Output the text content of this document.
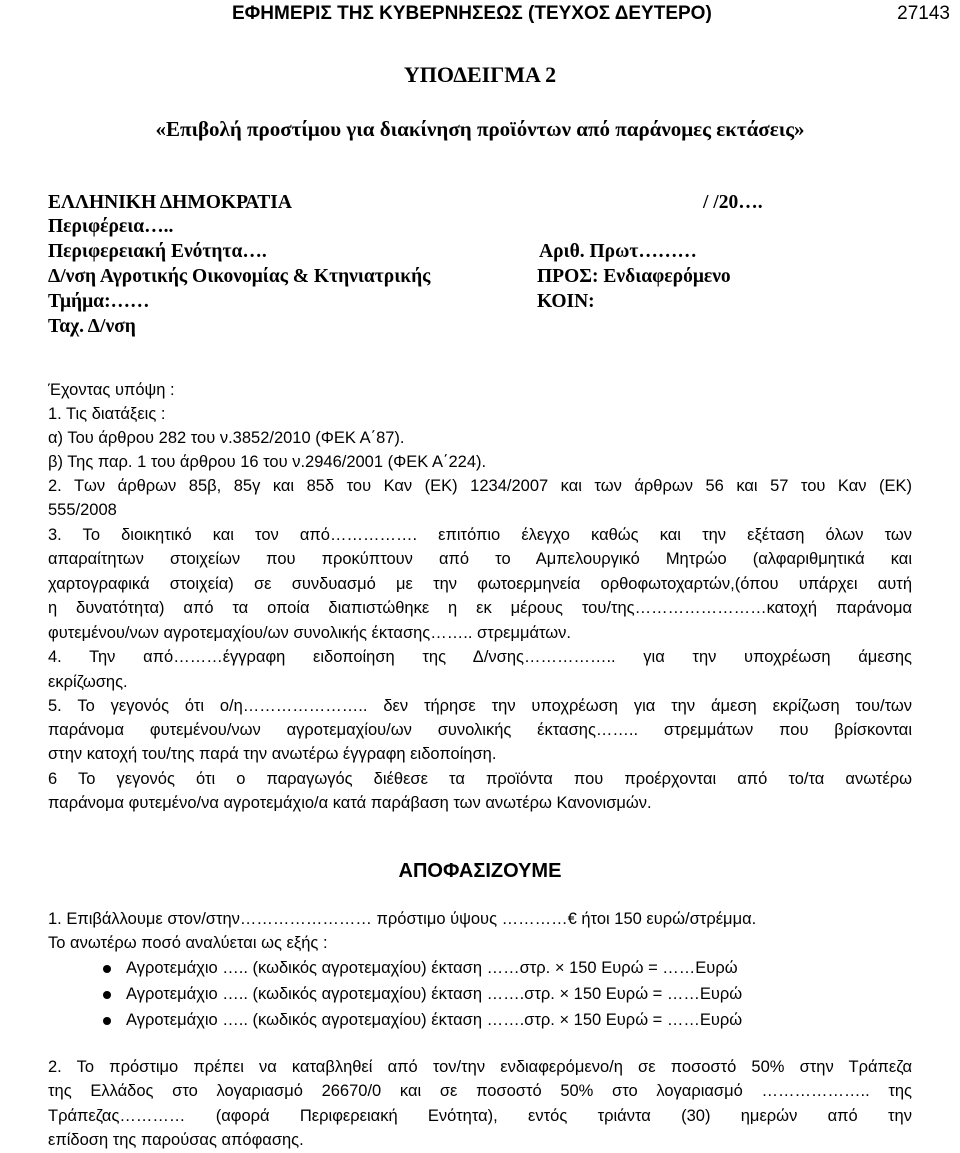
ΕΦΗΜΕΡΙΣ ΤΗΣ ΚΥΒΕΡΝΗΣΕΩΣ (ΤΕΥΧΟΣ ΔΕΥΤΕΡΟ)	27143
ΥΠΟΔΕΙΓΜΑ 2
«Επιβολή προστίμου για διακίνηση προϊόντων από παράνομες εκτάσεις»
ΕΛΛΗΝΙΚΗ ΔΗΜΟΚΡΑΤΙΑ
Περιφέρεια…..
Περιφερειακή Ενότητα….
Δ/νση Αγροτικής Οικονομίας & Κτηνιατρικής
Τμήμα:……
Ταχ. Δ/νση
/ /20….
Αριθ. Πρωτ………
ΠΡΟΣ: Ενδιαφερόμενο
ΚΟΙΝ:
Έχοντας υπόψη :
1. Τις διατάξεις :
α) Του άρθρου 282 του ν.3852/2010 (ΦΕΚ Α΄87).
β) Της παρ. 1 του άρθρου 16 του ν.2946/2001 (ΦΕΚ Α΄224).
2. Των άρθρων 85β, 85γ και 85δ του Καν (ΕΚ) 1234/2007 και των άρθρων 56 και 57 του Καν (ΕΚ)
555/2008
3. Το διοικητικό και τον από……………. επιτόπιο έλεγχο καθώς και την εξέταση όλων των
απαραίτητων στοιχείων που προκύπτουν από το Αμπελουργικό Μητρώο (αλφαριθμητικά και
χαρτογραφικά στοιχεία) σε συνδυασμό με την φωτοερμηνεία ορθοφωτοχαρτών,(όπου υπάρχει αυτή
η δυνατότητα) από τα οποία διαπιστώθηκε η εκ μέρους του/της……………………κατοχή παράνομα
φυτεμένου/νων αγροτεμαχίου/ων συνολικής έκτασης…….. στρεμμάτων.
4. Την από………έγγραφη ειδοποίηση της Δ/νσης…………….. για την υποχρέωση άμεσης
εκρίζωσης.
5. Το γεγονός ότι ο/η………………….. δεν τήρησε την υποχρέωση για την άμεση εκρίζωση του/των
παράνομα φυτεμένου/νων αγροτεμαχίου/ων συνολικής έκτασης…….. στρεμμάτων που βρίσκονται
στην κατοχή του/της παρά την ανωτέρω έγγραφη ειδοποίηση.
6 Το γεγονός ότι ο παραγωγός διέθεσε τα προϊόντα που προέρχονται από το/τα ανωτέρω
παράνομα φυτεμένο/να αγροτεμάχιο/α κατά παράβαση των ανωτέρω Κανονισμών.
ΑΠΟΦΑΣΙΖΟΥΜΕ
1. Επιβάλλουμε στον/στην…………………… πρόστιμο ύψους …………€ ήτοι 150 ευρώ/στρέμμα.
Το ανωτέρω ποσό αναλύεται ως εξής :
Αγροτεμάχιο ….. (κωδικός αγροτεμαχίου) έκταση ……στρ. × 150 Ευρώ = ……Ευρώ
Αγροτεμάχιο ….. (κωδικός αγροτεμαχίου) έκταση …….στρ. × 150 Ευρώ = ……Ευρώ
Αγροτεμάχιο ….. (κωδικός αγροτεμαχίου) έκταση …….στρ. × 150 Ευρώ = ……Ευρώ
2. Το πρόστιμο πρέπει να καταβληθεί από τον/την ενδιαφερόμενο/η σε ποσοστό 50% στην Τράπεζα
της Ελλάδος στο λογαριασμό 26670/0 και σε ποσοστό 50% στο λογαριασμό ……………….. της
Τράπεζας………… (αφορά Περιφερειακή Ενότητα), εντός τριάντα (30) ημερών από την
επίδοση της παρούσας απόφασης.
